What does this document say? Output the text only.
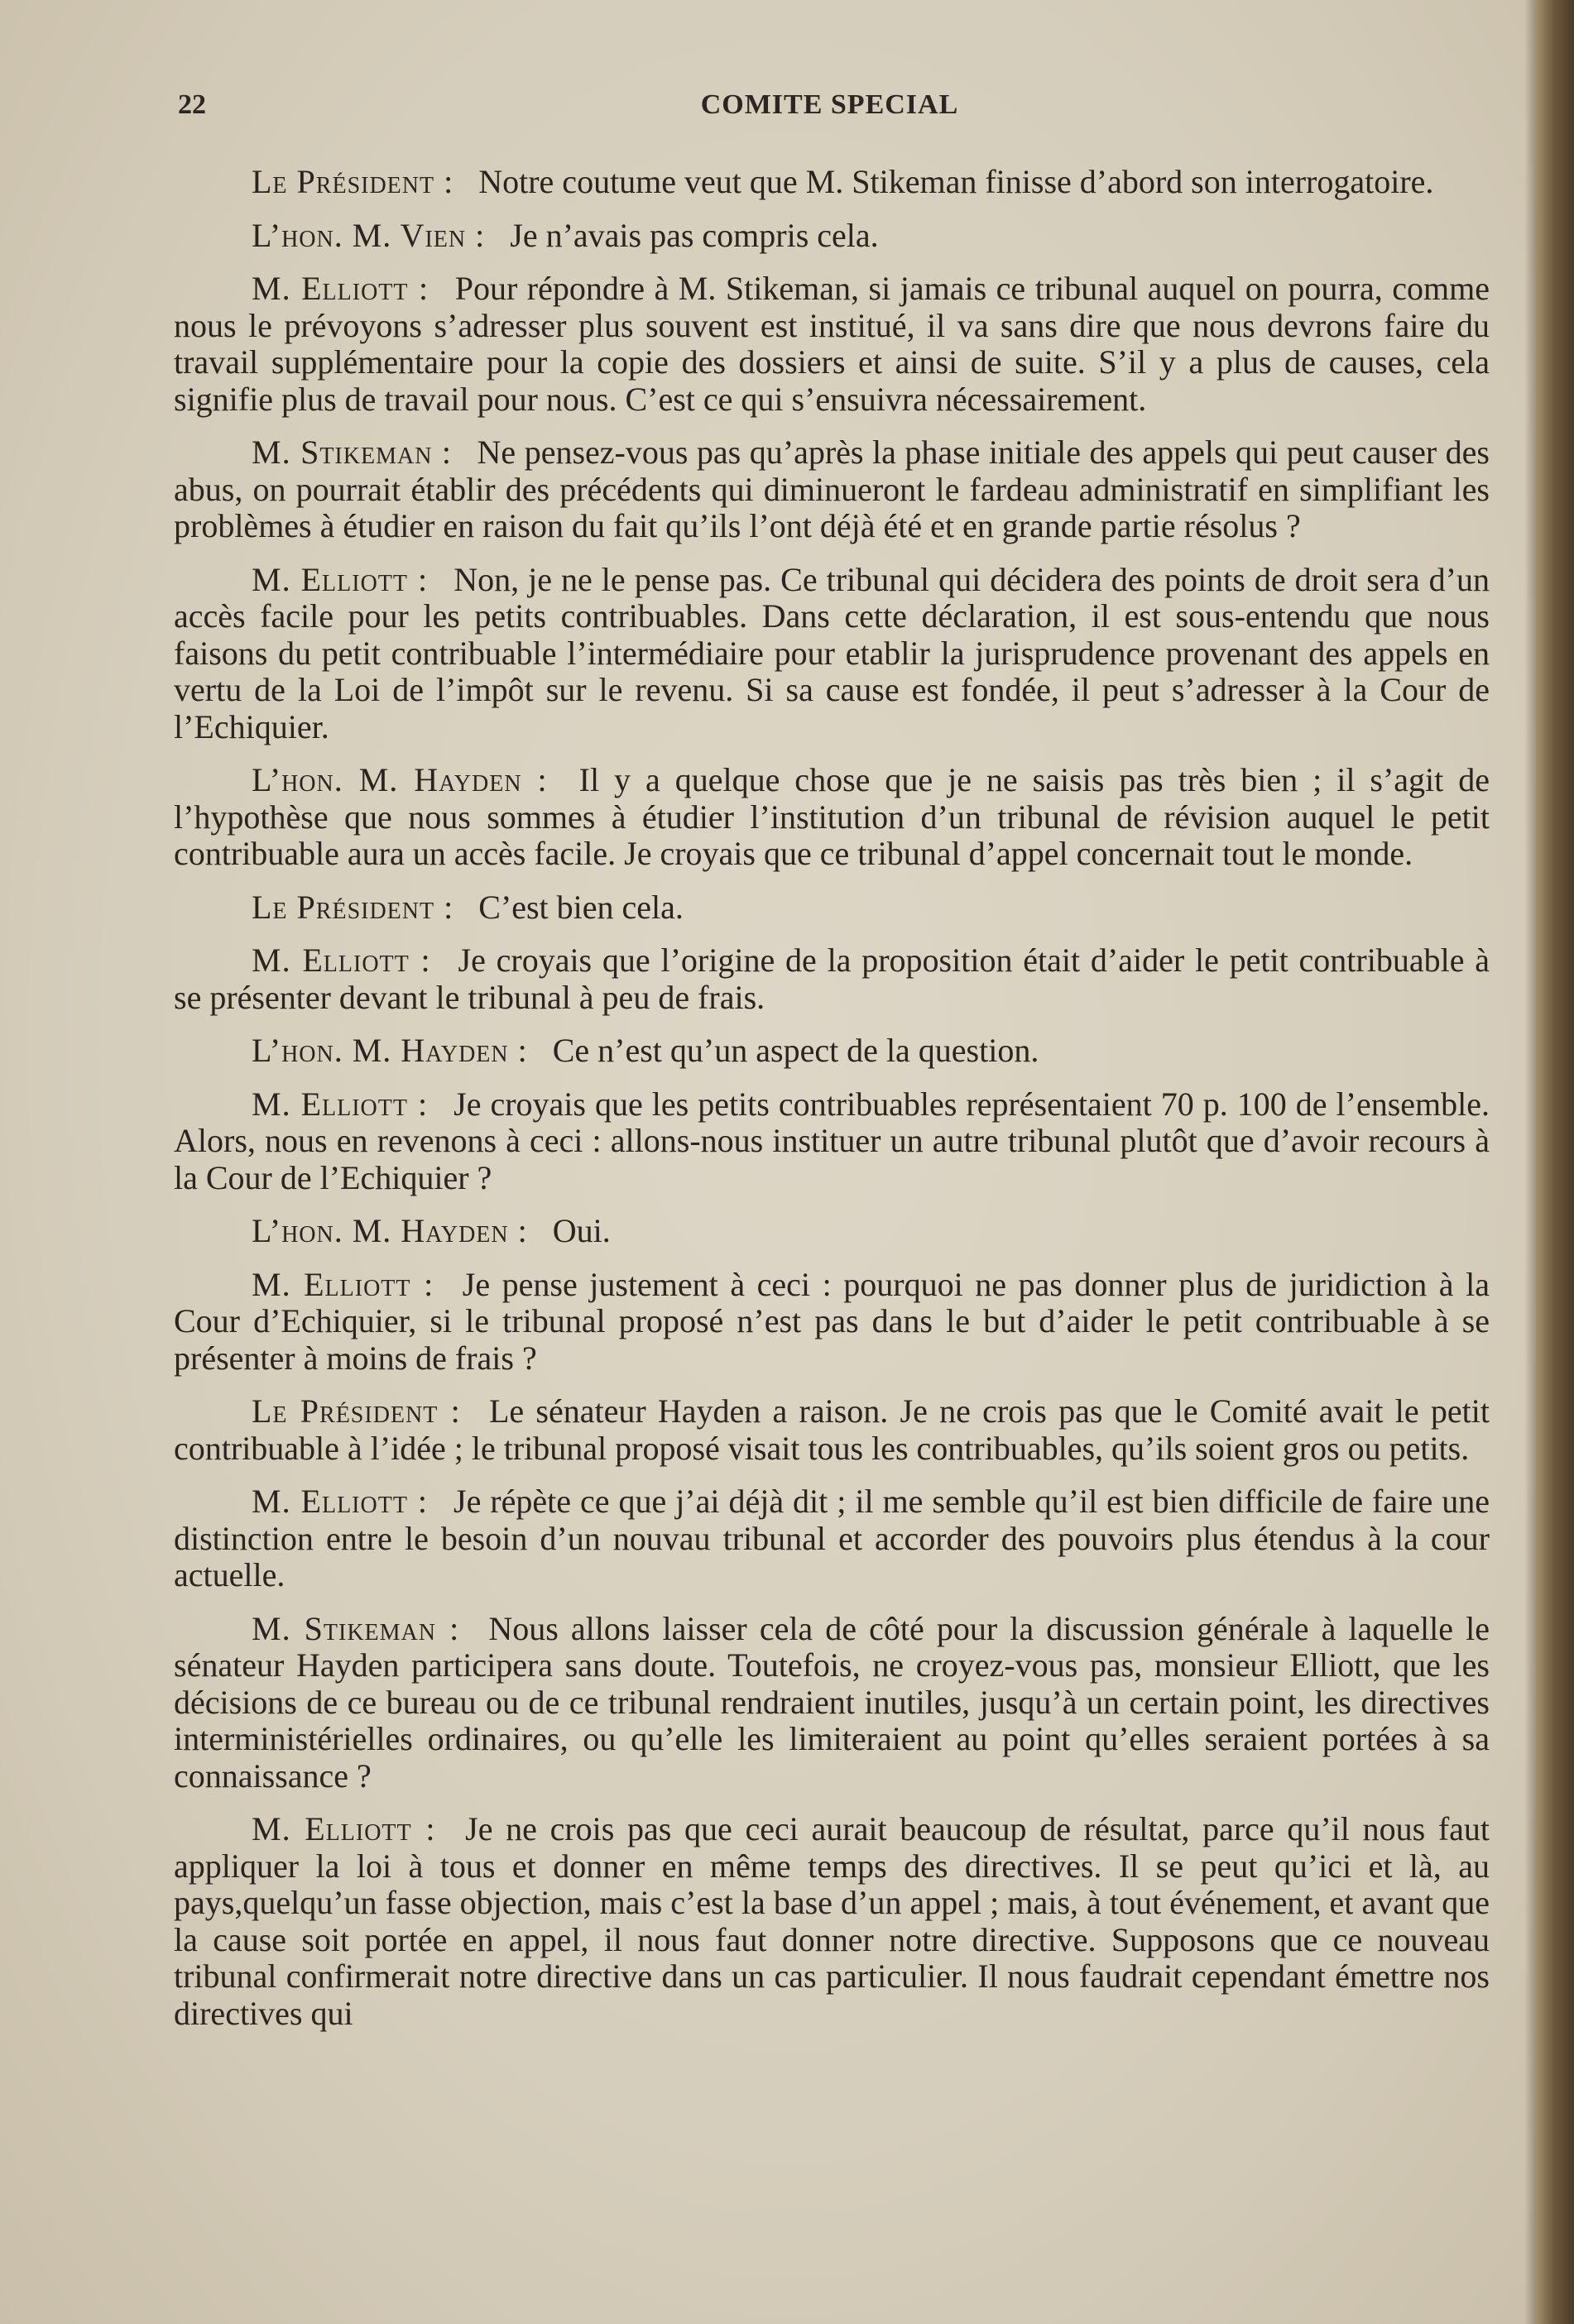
22	COMITE SPECIAL

Le Président :  Notre coutume veut que M. Stikeman finisse d’abord son interrogatoire.

L’hon. M. Vien :  Je n’avais pas compris cela.

M. Elliott :  Pour répondre à M. Stikeman, si jamais ce tribunal auquel on pourra, comme nous le prévoyons s’adresser plus souvent est institué, il va sans dire que nous devrons faire du travail supplémentaire pour la copie des dossiers et ainsi de suite. S’il y a plus de causes, cela signifie plus de travail pour nous. C’est ce qui s’ensuivra nécessairement.

M. Stikeman :  Ne pensez-vous pas qu’après la phase initiale des appels qui peut causer des abus, on pourrait établir des précédents qui diminueront le fardeau administratif en simplifiant les problèmes à étudier en raison du fait qu’ils l’ont déjà été et en grande partie résolus ?

M. Elliott :  Non, je ne le pense pas. Ce tribunal qui décidera des points de droit sera d’un accès facile pour les petits contribuables. Dans cette déclaration, il est sous-entendu que nous faisons du petit contribuable l’intermédiaire pour etablir la jurisprudence provenant des appels en vertu de la Loi de l’impôt sur le revenu. Si sa cause est fondée, il peut s’adresser à la Cour de l’Echiquier.

L’hon. M. Hayden :  Il y a quelque chose que je ne saisis pas très bien ; il s’agit de l’hypothèse que nous sommes à étudier l’institution d’un tribunal de révision auquel le petit contribuable aura un accès facile. Je croyais que ce tribunal d’appel concernait tout le monde.

Le Président :  C’est bien cela.

M. Elliott :  Je croyais que l’origine de la proposition était d’aider le petit contribuable à se présenter devant le tribunal à peu de frais.

L’hon. M. Hayden :  Ce n’est qu’un aspect de la question.

M. Elliott :  Je croyais que les petits contribuables représentaient 70 p. 100 de l’ensemble. Alors, nous en revenons à ceci : allons-nous instituer un autre tribunal plutôt que d’avoir recours à la Cour de l’Echiquier ?

L’hon. M. Hayden :  Oui.

M. Elliott :  Je pense justement à ceci : pourquoi ne pas donner plus de juridiction à la Cour d’Echiquier, si le tribunal proposé n’est pas dans le but d’aider le petit contribuable à se présenter à moins de frais ?

Le Président :  Le sénateur Hayden a raison. Je ne crois pas que le Comité avait le petit contribuable à l’idée ; le tribunal proposé visait tous les contribuables, qu’ils soient gros ou petits.

M. Elliott :  Je répète ce que j’ai déjà dit ; il me semble qu’il est bien difficile de faire une distinction entre le besoin d’un nouvau tribunal et accorder des pouvoirs plus étendus à la cour actuelle.

M. Stikeman :  Nous allons laisser cela de côté pour la discussion générale à laquelle le sénateur Hayden participera sans doute. Toutefois, ne croyez-vous pas, monsieur Elliott, que les décisions de ce bureau ou de ce tribunal rendraient inutiles, jusqu’à un certain point, les directives interministérielles ordinaires, ou qu’elle les limiteraient au point qu’elles seraient portées à sa connaissance ?

M. Elliott :  Je ne crois pas que ceci aurait beaucoup de résultat, parce qu’il nous faut appliquer la loi à tous et donner en même temps des directives. Il se peut qu’ici et là, au pays,quelqu’un fasse objection, mais c’est la base d’un appel ; mais, à tout événement, et avant que la cause soit portée en appel, il nous faut donner notre directive. Supposons que ce nouveau tribunal confirmerait notre directive dans un cas particulier. Il nous faudrait cependant émettre nos directives qui
